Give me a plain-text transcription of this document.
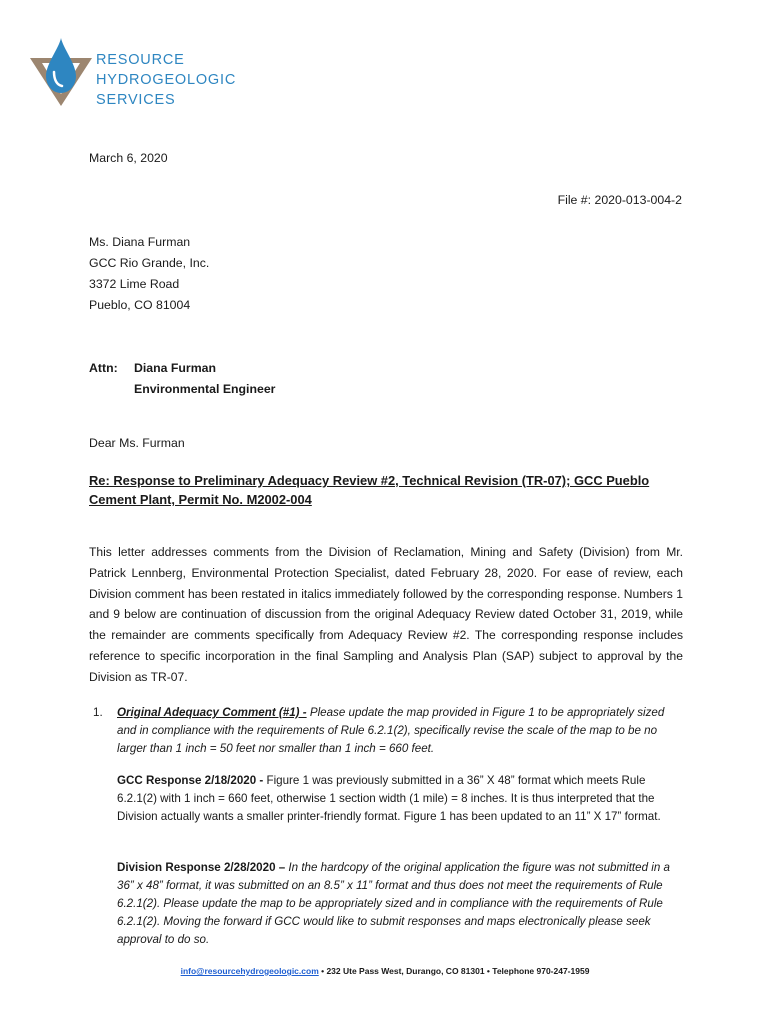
RESOURCE
HYDROGEOLOGIC
SERVICES
March 6, 2020
File #: 2020-013-004-2
Ms. Diana Furman
GCC Rio Grande, Inc.
3372 Lime Road
Pueblo, CO 81004
Attn: Diana Furman
Environmental Engineer
Dear Ms. Furman
Re: Response to Preliminary Adequacy Review #2, Technical Revision (TR-07); GCC Pueblo
Cement Plant, Permit No. M2002-004
This letter addresses comments from the Division of Reclamation, Mining and Safety (Division) from Mr. Patrick Lennberg, Environmental Protection Specialist, dated February 28, 2020. For ease of review, each Division comment has been restated in italics immediately followed by the corresponding response. Numbers 1 and 9 below are continuation of discussion from the original Adequacy Review dated October 31, 2019, while the remainder are comments specifically from Adequacy Review #2. The corresponding response includes reference to specific incorporation in the final Sampling and Analysis Plan (SAP) subject to approval by the Division as TR-07.
1. Original Adequacy Comment (#1) - Please update the map provided in Figure 1 to be appropriately sized and in compliance with the requirements of Rule 6.2.1(2), specifically revise the scale of the map to be no larger than 1 inch = 50 feet nor smaller than 1 inch = 660 feet.
GCC Response 2/18/2020 - Figure 1 was previously submitted in a 36” X 48” format which meets Rule 6.2.1(2) with 1 inch = 660 feet, otherwise 1 section width (1 mile) = 8 inches. It is thus interpreted that the Division actually wants a smaller printer-friendly format. Figure 1 has been updated to an 11” X 17” format.
Division Response 2/28/2020 – In the hardcopy of the original application the figure was not submitted in a 36” x 48” format, it was submitted on an 8.5” x 11” format and thus does not meet the requirements of Rule 6.2.1(2). Please update the map to be appropriately sized and in compliance with the requirements of Rule 6.2.1(2). Moving the forward if GCC would like to submit responses and maps electronically please seek approval to do so.
info@resourcehydrogeologic.com • 232 Ute Pass West, Durango, CO 81301 • Telephone 970-247-1959
